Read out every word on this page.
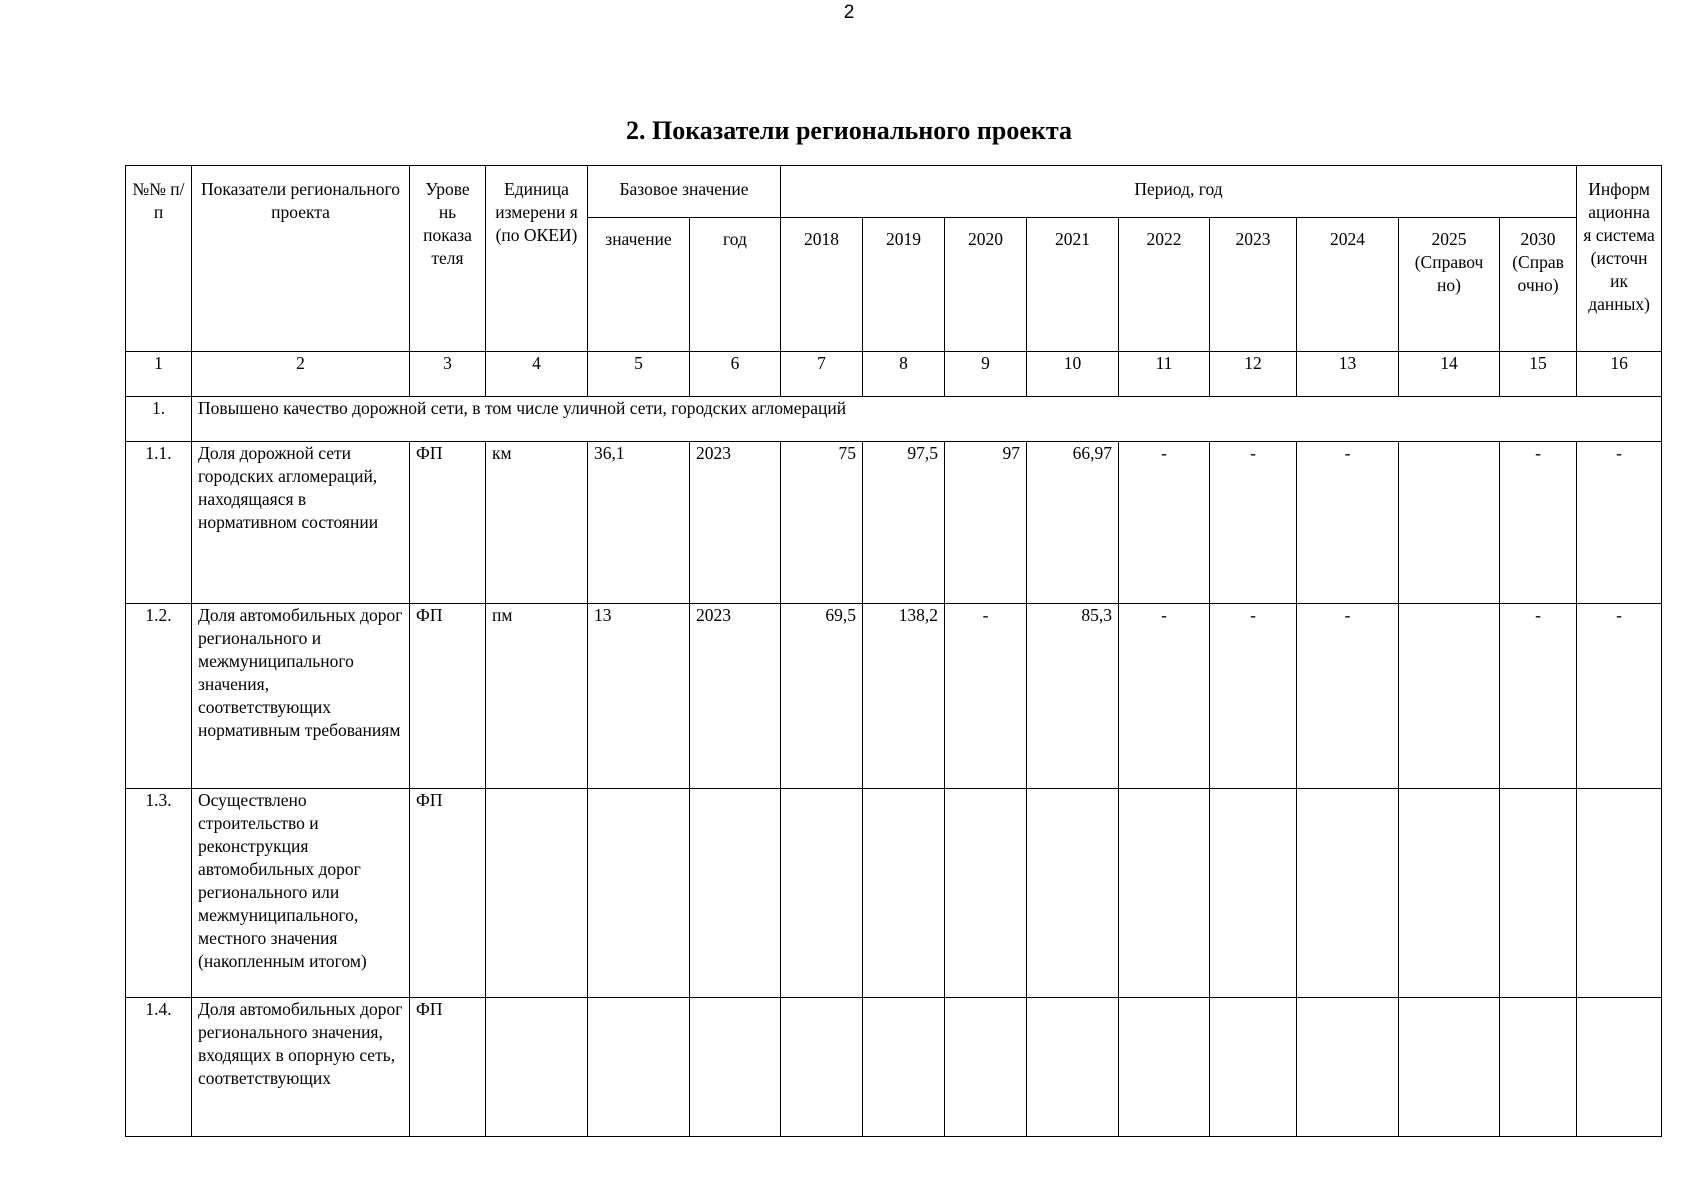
2
2. Показатели регионального проекта
№№ п/п	Показатели регионального проекта	Урове нь показа теля	Единица измерени я (по ОКЕИ)	Базовое значение		Период, год									Информ ационна я система (источн ик данных)
				значение	год	2018	2019	2020	2021	2022	2023	2024	2025 (Справоч но)	2030 (Справ очно)	
1	2	3	4	5	6	7	8	9	10	11	12	13	14	15	16
1.	Повышено качество дорожной сети, в том числе уличной сети, городских агломераций														
1.1.	Доля дорожной сети городских агломераций, находящаяся в нормативном состоянии	ФП	км	36,1	2023	75	97,5	97	66,97	-	-	-		-	-
1.2.	Доля автомобильных дорог регионального и межмуниципального значения, соответствующих нормативным требованиям	ФП	пм	13	2023	69,5	138,2	-	85,3	-	-	-		-	-
1.3.	Осуществлено строительство и реконструкция автомобильных дорог регионального или межмуниципального, местного значения (накопленным итогом)	ФП													
1.4.	Доля автомобильных дорог регионального значения, входящих в опорную сеть, соответствующих	ФП													
